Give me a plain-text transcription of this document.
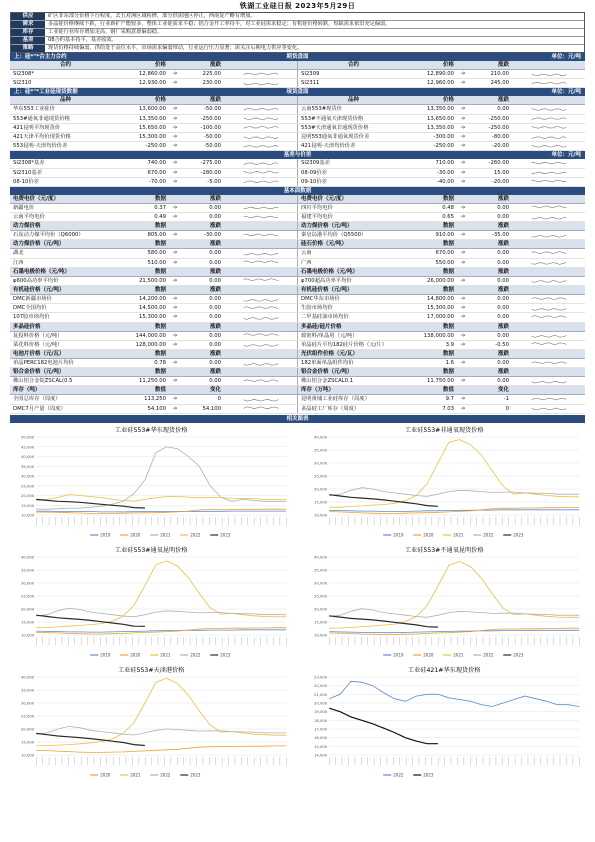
铁湖工业硅日报 2023年5月29日
供应	矿区非东部分价格下行程度，去五对洲区域检修，部分供需地区停止，西南复产略有增加。
需求	多晶硅价格继续下跌，行业新扩产能较多，整体工业硅需求平稳；铝合金开工率持平，对工业硅需求稳定；有机硅价格转跌，短缺需求依旧充足偏弱。
库存	工业硅行业库存增加走高，钢厂采购意愿偏弱稳。
基差	08合约基本持平，基差收敛。
策略	现货价格持续偏弱，供给处于高位水平，市场需求偏弱带动，行业运行压力显著；需关注后期电力供应等变化。
上：硅*"*合主力合约	期货盘面	单位：元/吨
合约	价格	涨跌	合约	价格	涨跌
SI2308*	12,860.00	➔	225.00	SI2309	12,890.00	➔	210.00
SI2310	12,930.00	➔	230.00	SI2311	12,960.00	➔	245.00
上：硅*"*工业硅现货数据	现货盘面	单位：元/吨
品种	价格	涨跌	品种	价格	涨跌
华东553工业硅价	13,600.00	➔	-50.00	云南553#现货价	13,350.00	➔	0.00
553#通氧非通现货价格	13,350.00	➔	-250.00	553#不通氧天津现货价格	13,650.00	➔	-250.00
421昆明平均现货价	15,650.00	➔	-100.00	553#天津通氧非通现货价格	13,350.00	➔	-250.00
421天津平均价现货价格	15,300.00	➔	-50.00	昆明553通氧非通氧现货价差	-300.00	➔	-80.00
553昆明-天津均价价差	-250.00	➔	-50.00	421昆明-天津均价价差	-250.00	➔	-20.00
基差与价差	单位：元/吨
SI2308*基差	740.00	➔	-275.00	SI2309基差	710.00	➔	-260.00
SI2310基差	670.00	➔	-280.00	08-09价差	-30.00	➔	15.00
08-10价差	-70.00	➔	-5.00	09-10价差	-40.00	➔	-20.00
基本面数据
电费电价（元/度）	数据	涨跌	电费电价（元/度）	数据	涨跌
新疆电价	0.37	➔	0.00	四川平均电价	0.48	➔	0.00
云南平均电价	0.49	➔	0.00	福建平均电价	0.65	➔	0.00
动力煤价格	数据	涨跌	动力煤价格（元/吨）	数据	涨跌
石炭动力煤平均价（Q6000）	805.00	➔	-30.00	秦皇岛港平均价（Q5500）	910.00	➔	-35.00
动力煤价格（元/吨）	数据	涨跌	硅石价格（元/吨）	数据	涨跌
湖北	580.00	➔	0.00	云南	670.00	➔	0.00
江西	510.00	➔	0.00	广西	550.00	➔	0.00
石墨电极价格（元/吨）	数据	涨跌	石墨电极价格（元/吨）	数据	涨跌
φ600高功率平均价	21,500.00	➔	0.00	φ700超高功率平均价	26,000.00	➔	0.00
有机硅价格（元/吨）	数据	涨跌	有机硅价格（元/吨）	数据	涨跌
DMC新疆市场价	14,200.00	➔	0.00	DMC华东市场价	14,800.00	➔	0.00
DMC全国均价	14,500.00	➔	0.00	生胶市场均价	15,300.00	➔	0.00
107胶市场均价	15,300.00	➔	0.00	二甲基硅油市场均价	17,000.00	➔	0.00
多晶硅价格	数据	涨跌	多晶硅/硅片价格	数据	涨跌
复投料价格（元/吨）	144,000.00	➔	0.00	致密料/单晶用（元/吨）	138,000.00	➔	0.00
菜花料价格（元/吨）	128,000.00	➔	0.00	单晶硅片平均182硅片价格（元/片）	3.9	➔	-0.50
电池片价格（元/瓦）	数据	涨跌	光伏组件价格（元/瓦）	数据	涨跌
单晶PERC182电池片均价	0.78	➔	0.00	182单面单晶组件均价	1.6	➔	0.00
铝合金价格（元/吨）	数据	涨跌	铝合金价格（元/吨）	数据	涨跌
佛山铝合金锭ZSCAL(0.5	11,250.00	➔	0.00	佛山铝合金ZSCAL0.1	11,750.00	➔	0.00
库存（吨）	数值	变化	库存（万吨）	数值	变化
全国总库存（周度）	113,250	➔	0	昆明黄埔工业硅库存（周度）	9.7	➔	-1
DMC7月产量（周度）	54,100	➔	54,100	多晶硅工厂库存（周度）	7.03	➔	0
相关图表
工业硅553#华东现货价格
50,000
45,000
40,000
35,000
30,000
25,000
20,000
15,000
10,000
2019	2020	2021	2022	2023
工业硅553#非通氧现货价格
40,000
35,000
30,000
25,000
20,000
15,000
10,000
2019	2020	2021	2022	2023
工业硅553#通氧昆明价格
40,000
35,000
30,000
25,000
20,000
15,000
10,000
2019	2020	2021	2022	2023
工业硅553#不通氧昆明价格
40,000
35,000
30,000
25,000
20,000
15,000
10,000
2019	2020	2021	2022	2023
工业硅553#天津港价格
40,000
35,000
30,000
25,000
20,000
15,000
10,000
2020	2021	2022	2023
工业硅421#华东现货价格
23,000
22,000
21,000
20,000
19,000
18,000
17,000
16,000
15,000
14,000
2022	2023
